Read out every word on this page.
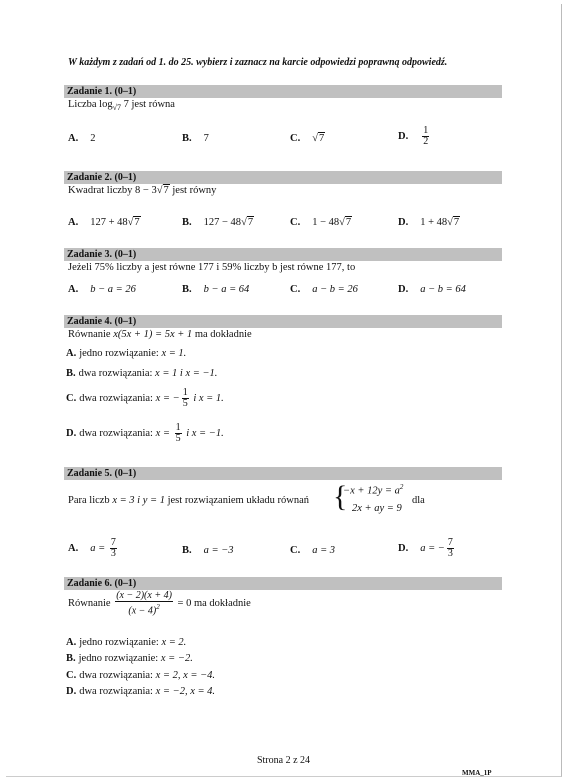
W każdym z zadań od 1. do 25. wybierz i zaznacz na karcie odpowiedzi poprawną odpowiedź.
Zadanie 1. (0–1)
Liczba $\log_{√7} 7$ jest równa
A. 2	B. 7	C. √7	D. $\frac{1}{2}$
Zadanie 2. (0–1)
Kwadrat liczby 8 − 3√7 jest równy
A. 127 + 48√7	B. 127 − 48√7	C. 1 − 48√7	D. 1 + 48√7
Zadanie 3. (0–1)
Jeżeli 75% liczby a jest równe 177 i 59% liczby b jest równe 177, to
A. b − a = 26	B. b − a = 64	C. a − b = 26	D. a − b = 64
Zadanie 4. (0–1)
Równanie x(5x + 1) = 5x + 1 ma dokładnie
A. jedno rozwiązanie: x = 1.
B. dwa rozwiązania: x = 1 i x = −1.
C. dwa rozwiązania: x = − $\frac{1}{5}$ i x = 1.
D. dwa rozwiązania: $x = \frac{1}{5}$ i x = −1.
Zadanie 5. (0–1)
Para liczb x = 3 i y = 1 jest rozwiązaniem układu równań {
$-x + 12y = a^2$
2x + ay = 9
dla
A. $a = \frac{7}{3}$	B. a = −3	C. a = 3	D. a = − $\frac{7}{3}$
Zadanie 6. (0–1)
Równanie $\frac{(x - 2)(x + 4)}{(x - 4)^2} = 0$ ma dokładnie
A. jedno rozwiązanie: x = 2.
B. jedno rozwiązanie: x = −2.
C. dwa rozwiązania: x = 2, x = −4.
D. dwa rozwiązania: x = −2, x = 4.
Strona 2 z 24
MMA_1P
